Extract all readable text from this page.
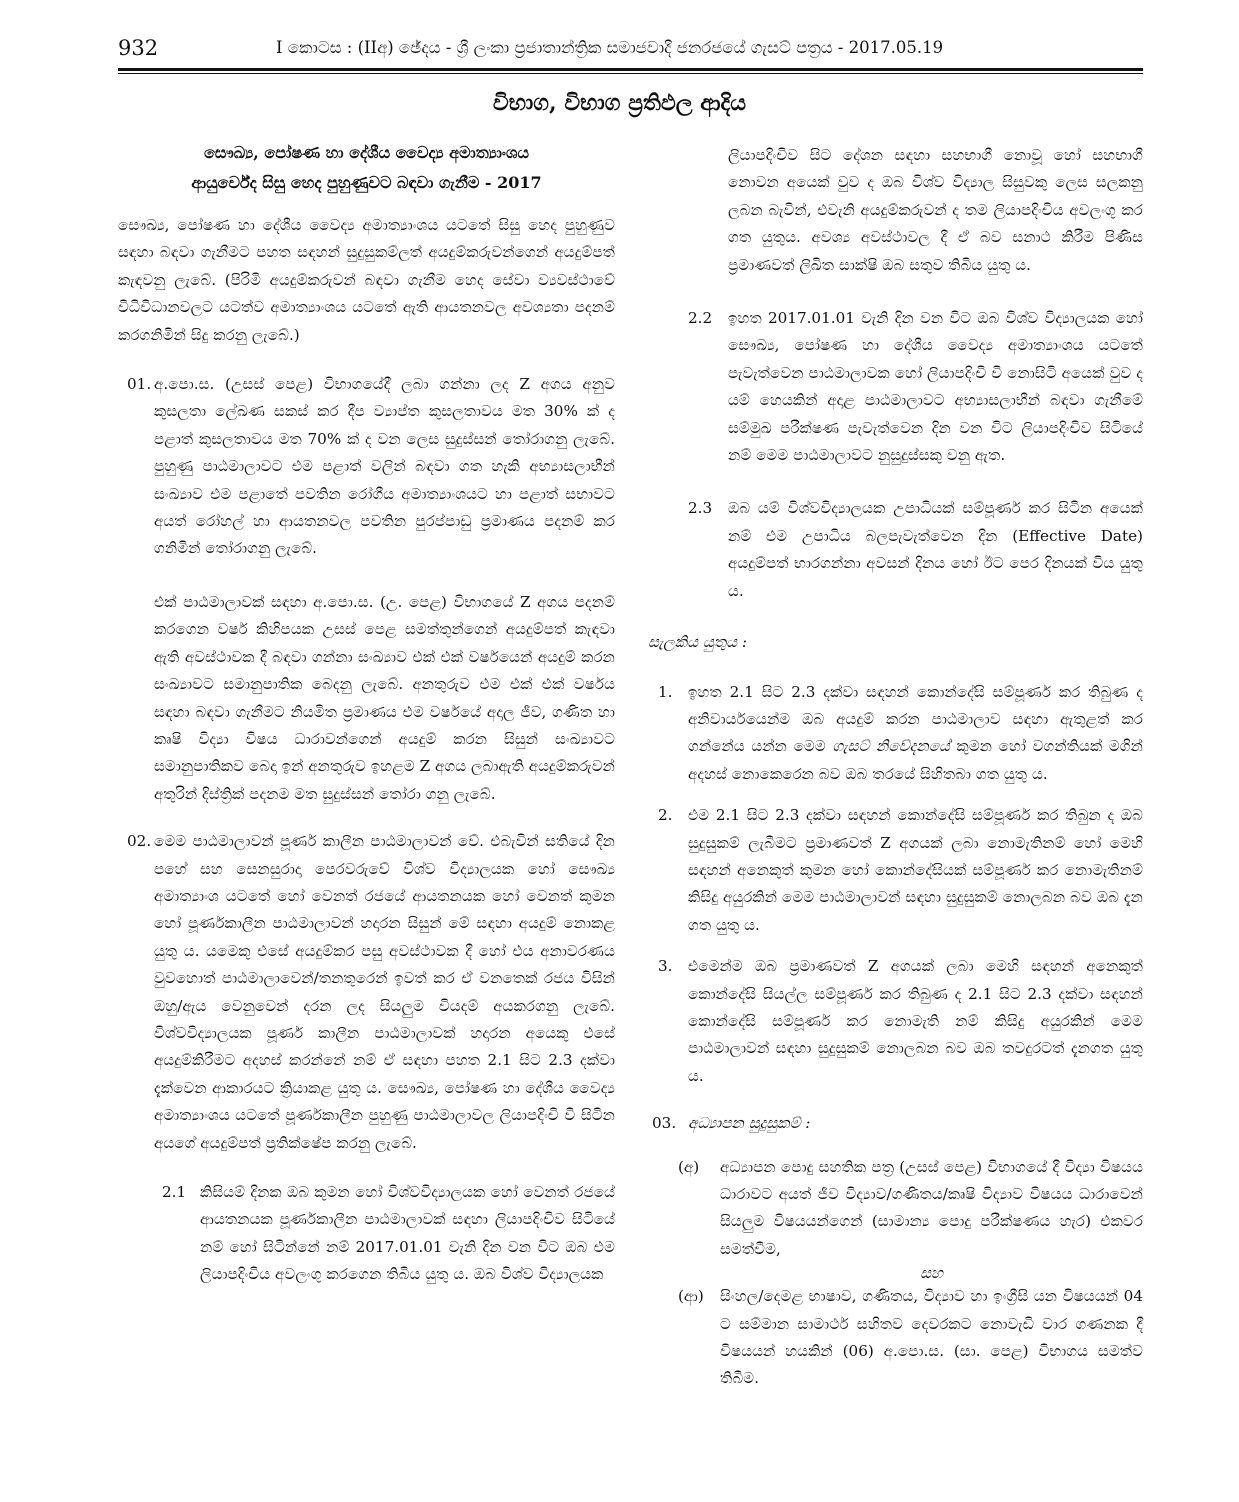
932	I කොටස : (IIඅ) ඡේදය - ශ්‍රී ලංකා ප්‍රජාතාන්ත්‍රික සමාජවාදී ජනරජයේ ගැසට් පත්‍රය - 2017.05.19
විභාග, විභාග ප්‍රතිඵල ආදිය
සෞඛ්‍ය, පෝෂණ හා දේශීය වෛද්‍ය අමාත්‍යාංශය
ආයුර්වේද සිසු හෙද පුහුණුවට බඳවා ගැනීම - 2017

සෞඛ්‍ය, පෝෂණ හා දේශීය වෛද්‍ය අමාත්‍යාංශය යටතේ සිසු හෙද පුහුණුව සඳහා බඳවා ගැනීමට පහත සඳහන් සුදුසුකම්ලත් අයදුම්කරුවන්ගෙන් අයදුම්පත් කැඳවනු ලැබේ. (පිරිමි අයදුම්කරුවන් බඳවා ගැනීම හෙද සේවා ව්‍යවස්ථාවේ විධිවිධානවලට යටත්ව අමාත්‍යාංශය යටතේ ඇති ආයතනවල අවශ්‍යතා පදනම් කරගනිමින් සිදු කරනු ලැබේ.)

01. අ.පො.ස. (උසස් පෙළ) විභාගයේදී ලබා ගන්නා ලද Z අගය අනුව කුසලතා ලේඛණ සකස් කර දීප ව්‍යාප්ත කුසලතාවය මත 30% ක් ද පළාත් කුසලතාවය මත 70% ක් ද වන ලෙස සුදුස්සන් තෝරාගනු ලැබේ. පුහුණු පාඨමාලාවට එම පළාත් වලින් බඳවා ගත හැකි අභ්‍යාසලාභීන් සංඛ්‍යාව එම පළාතේ පවතින රෝගීය අමාත්‍යාංශයට හා පළාත් සභාවට අයත් රෝහල් හා ආයතනවල පවතින පුරප්පාඩු ප්‍රමාණය පදනම් කර ගනිමින් තෝරාගනු ලැබේ.

එක් පාඨමාලාවක් සඳහා අ.පො.ස. (උ. පෙළ) විභාගයේ Z අගය පදනම් කරගෙන වර්ෂ කිහිපයක උසස් පෙළ සමත්තුන්ගෙන් අයදුම්පත් කැඳවා ඇති අවස්ථාවක දී බඳවා ගන්නා සංඛ්‍යාව එක් එක් වර්ෂයෙන් අයදුම් කරන සංඛ්‍යාවට සමානුපාතික බෙදනු ලැබේ. අනතුරුව එම එක් එක් වර්ෂය සඳහා බඳවා ගැනීමට නියමිත ප්‍රමාණය එම වර්ෂයේ අදාල ජීව, ගණිත හා කෘෂි විද්‍යා විෂය ධාරාවන්ගෙන් අයදුම් කරන සිසුන් සංඛ්‍යාවට සමානුපාතිකව බෙදා ඉන් අනතුරුව ඉහළම Z අගය ලබාඇති අයදුම්කරුවන් අතුරින් දිස්ත්‍රික් පදනම මත සුදුස්සන් තෝරා ගනු ලැබේ.

02. මෙම පාඨමාලාවන් පූර්ණ කාලීන පාඨමාලාවන් වේ. එබැවින් සතියේ දින පහේ සහ සෙනසුරාදා පෙරවරුවේ විශ්ව විද්‍යාලයක හෝ සෞඛ්‍ය අමාත්‍යාංශ යටතේ හෝ වෙනත් රජයේ ආයතනයක හෝ වෙනත් කුමන හෝ පූර්ණකාලීන පාඨමාලාවන් හදාරන සිසුන් මේ සඳහා අයදුම් නොකළ යුතු ය. යමෙකු එසේ අයදුම්කර පසු අවස්ථාවක දී හෝ එය අනාවරණය වුවහොත් පාඨමාලාවෙන්/තනතුරෙන් ඉවත් කර ඒ වනතෙක් රජය විසින් ඔහු/ඇය වෙනුවෙන් දරන ලද සියලුම වියදම් අයකරගනු ලැබේ. විශ්වවිද්‍යාලයක පූර්ණ කාලීන පාඨමාලාවක් හදාරන අයෙකු එසේ අයදුම්කිරීමට අදහස් කරන්නේ නම් ඒ සඳහා පහත 2.1 සිට 2.3 දක්වා දැක්වෙන ආකාරයට ක්‍රියාකළ යුතු ය. සෞඛ්‍ය, පෝෂණ හා දේශීය වෛද්‍ය අමාත්‍යාංශය යටතේ පූර්ණකාලීන පුහුණු පාඨමාලාවල ලියාපදිංචි වී සිටින අයගේ අයදුම්පත් ප්‍රතික්ෂේප කරනු ලැබේ.

2.1 කිසියම් දිනක ඔබ කුමන හෝ විශ්වවිද්‍යාලයක හෝ වෙනත් රජයේ ආයතනයක පූර්ණකාලීන පාඨමාලාවක් සඳහා ලියාපදිංචිව සිටියේ නම් හෝ සිටින්නේ නම් 2017.01.01 වැනි දින වන විට ඔබ එම ලියාපදිංචිය අවලංගු කරගෙන තිබිය යුතු ය. ඔබ විශ්ව විද්‍යාලයක

ලියාපදිංචිව සිට දේශන සඳහා සහභාගී නොවූ හෝ සහභාගී නොවන අයෙක් වුව ද ඔබ විශ්ව විද්‍යාල සිසුවකු ලෙස සලකනු ලබන බැවින්, එවැනි අයදුම්කරුවන් ද තම ලියාපදිංචිය අවලංගු කර ගත යුතුය. අවශ්‍ය අවස්ථාවල දී ඒ බව සනාථ කිරීම පිණිස ප්‍රමාණවත් ලිඛිත සාක්ෂි ඔබ සතුව තිබිය යුතු ය.

2.2 ඉහත 2017.01.01 වැනි දින වන විට ඔබ විශ්ව විද්‍යාලයක හෝ සෞඛ්‍ය, පෝෂණ හා දේශීය වෛද්‍ය අමාත්‍යාංශය යටතේ පැවැත්වෙන පාඨමාලාවක හෝ ලියාපදිංචි වී නොසිටි අයෙක් වුව ද යම් හෙයකින් අදාළ පාඨමාලාවට අභ්‍යාසලාභීන් බඳවා ගැනීමේ සම්මුඛ පරීක්ෂණ පැවැත්වෙන දින වන විට ලියාපදිංචිව සිටියේ නම් මෙම පාඨමාලාවට නුසුදුස්සකු වනු ඇත.

2.3 ඔබ යම් විශ්වවිද්‍යාලයක උපාධියක් සම්පූර්ණ කර සිටින අයෙක් නම් එම උපාධිය බලපැවැත්වෙන දින (Effective Date) අයදුම්පත් භාරගන්නා අවසන් දිනය හෝ ඊට පෙර දිනයක් විය යුතු ය.

සැලකිය යුතුය :
1. ඉහත 2.1 සිට 2.3 දක්වා සඳහන් කොන්දේසි සම්පූර්ණ කර තිබුණ ද අනිවාර්යයෙන්ම ඔබ අයදුම් කරන පාඨමාලාව සඳහා ඇතුළත් කර ගන්නේය යන්න මෙම ගැසට් නිවේදනයේ කුමන හෝ වගන්තියක් මගින් අදහස් නොකෙරෙන බව ඔබ තරයේ සිහිතබා ගත යුතු ය.

2. එම 2.1 සිට 2.3 දක්වා සඳහන් කොන්දේසි සම්පූර්ණ කර තිබුන ද ඔබ සුදුසුකම් ලැබීමට ප්‍රමාණවත් Z අගයක් ලබා නොමැතිනම් හෝ මෙහි සඳහන් අනෙකුත් කුමන හෝ කොන්දේසියක් සම්පූර්ණ කර නොමැතිනම් කිසිදු අයුරකින් මෙම පාඨමාලාවන් සඳහා සුදුසුකම් නොලබන බව ඔබ දැන ගත යුතු ය.

3. එමෙන්ම ඔබ ප්‍රමාණවත් Z අගයක් ලබා මෙහි සඳහන් අනෙකුත් කොන්දේසි සියල්ල සම්පූර්ණ කර තිබුණ ද 2.1 සිට 2.3 දක්වා සඳහන් කොන්දේසි සම්පූර්ණ කර නොමැති නම් කිසිදු අයුරකින් මෙම පාඨමාලාවන් සඳහා සුදුසුකම් නොලබන බව ඔබ තවදුරටත් දැනගත යුතු ය.

03. අධ්‍යාපන සුදුසුකම් :
(අ) අධ්‍යාපන පොදු සහතික පත්‍ර (උසස් පෙළ) විභාගයේ දී විද්‍යා විෂයය ධාරාවට අයත් ජීව විද්‍යාව/ගණිතය/කෘෂි විද්‍යාව විෂයය ධාරාවෙන් සියලුම විෂයයන්ගෙන් (සාමාන්‍ය පොදු පරීක්ෂණය හැර) එකවර සමත්වීම,

සහ
(ආ) සිංහල/දෙමළ භාෂාව, ගණිතය, විද්‍යාව හා ඉංග්‍රීසි යන විෂයයන් 04 ට සම්මාන සාමාර්ථ සහිතව දෙවරකට නොවැඩි වාර ගණනක දී විෂයයන් හයකින් (06) අ.පො.ස. (සා. පෙළ) විභාගය සමත්ව තිබීම.
